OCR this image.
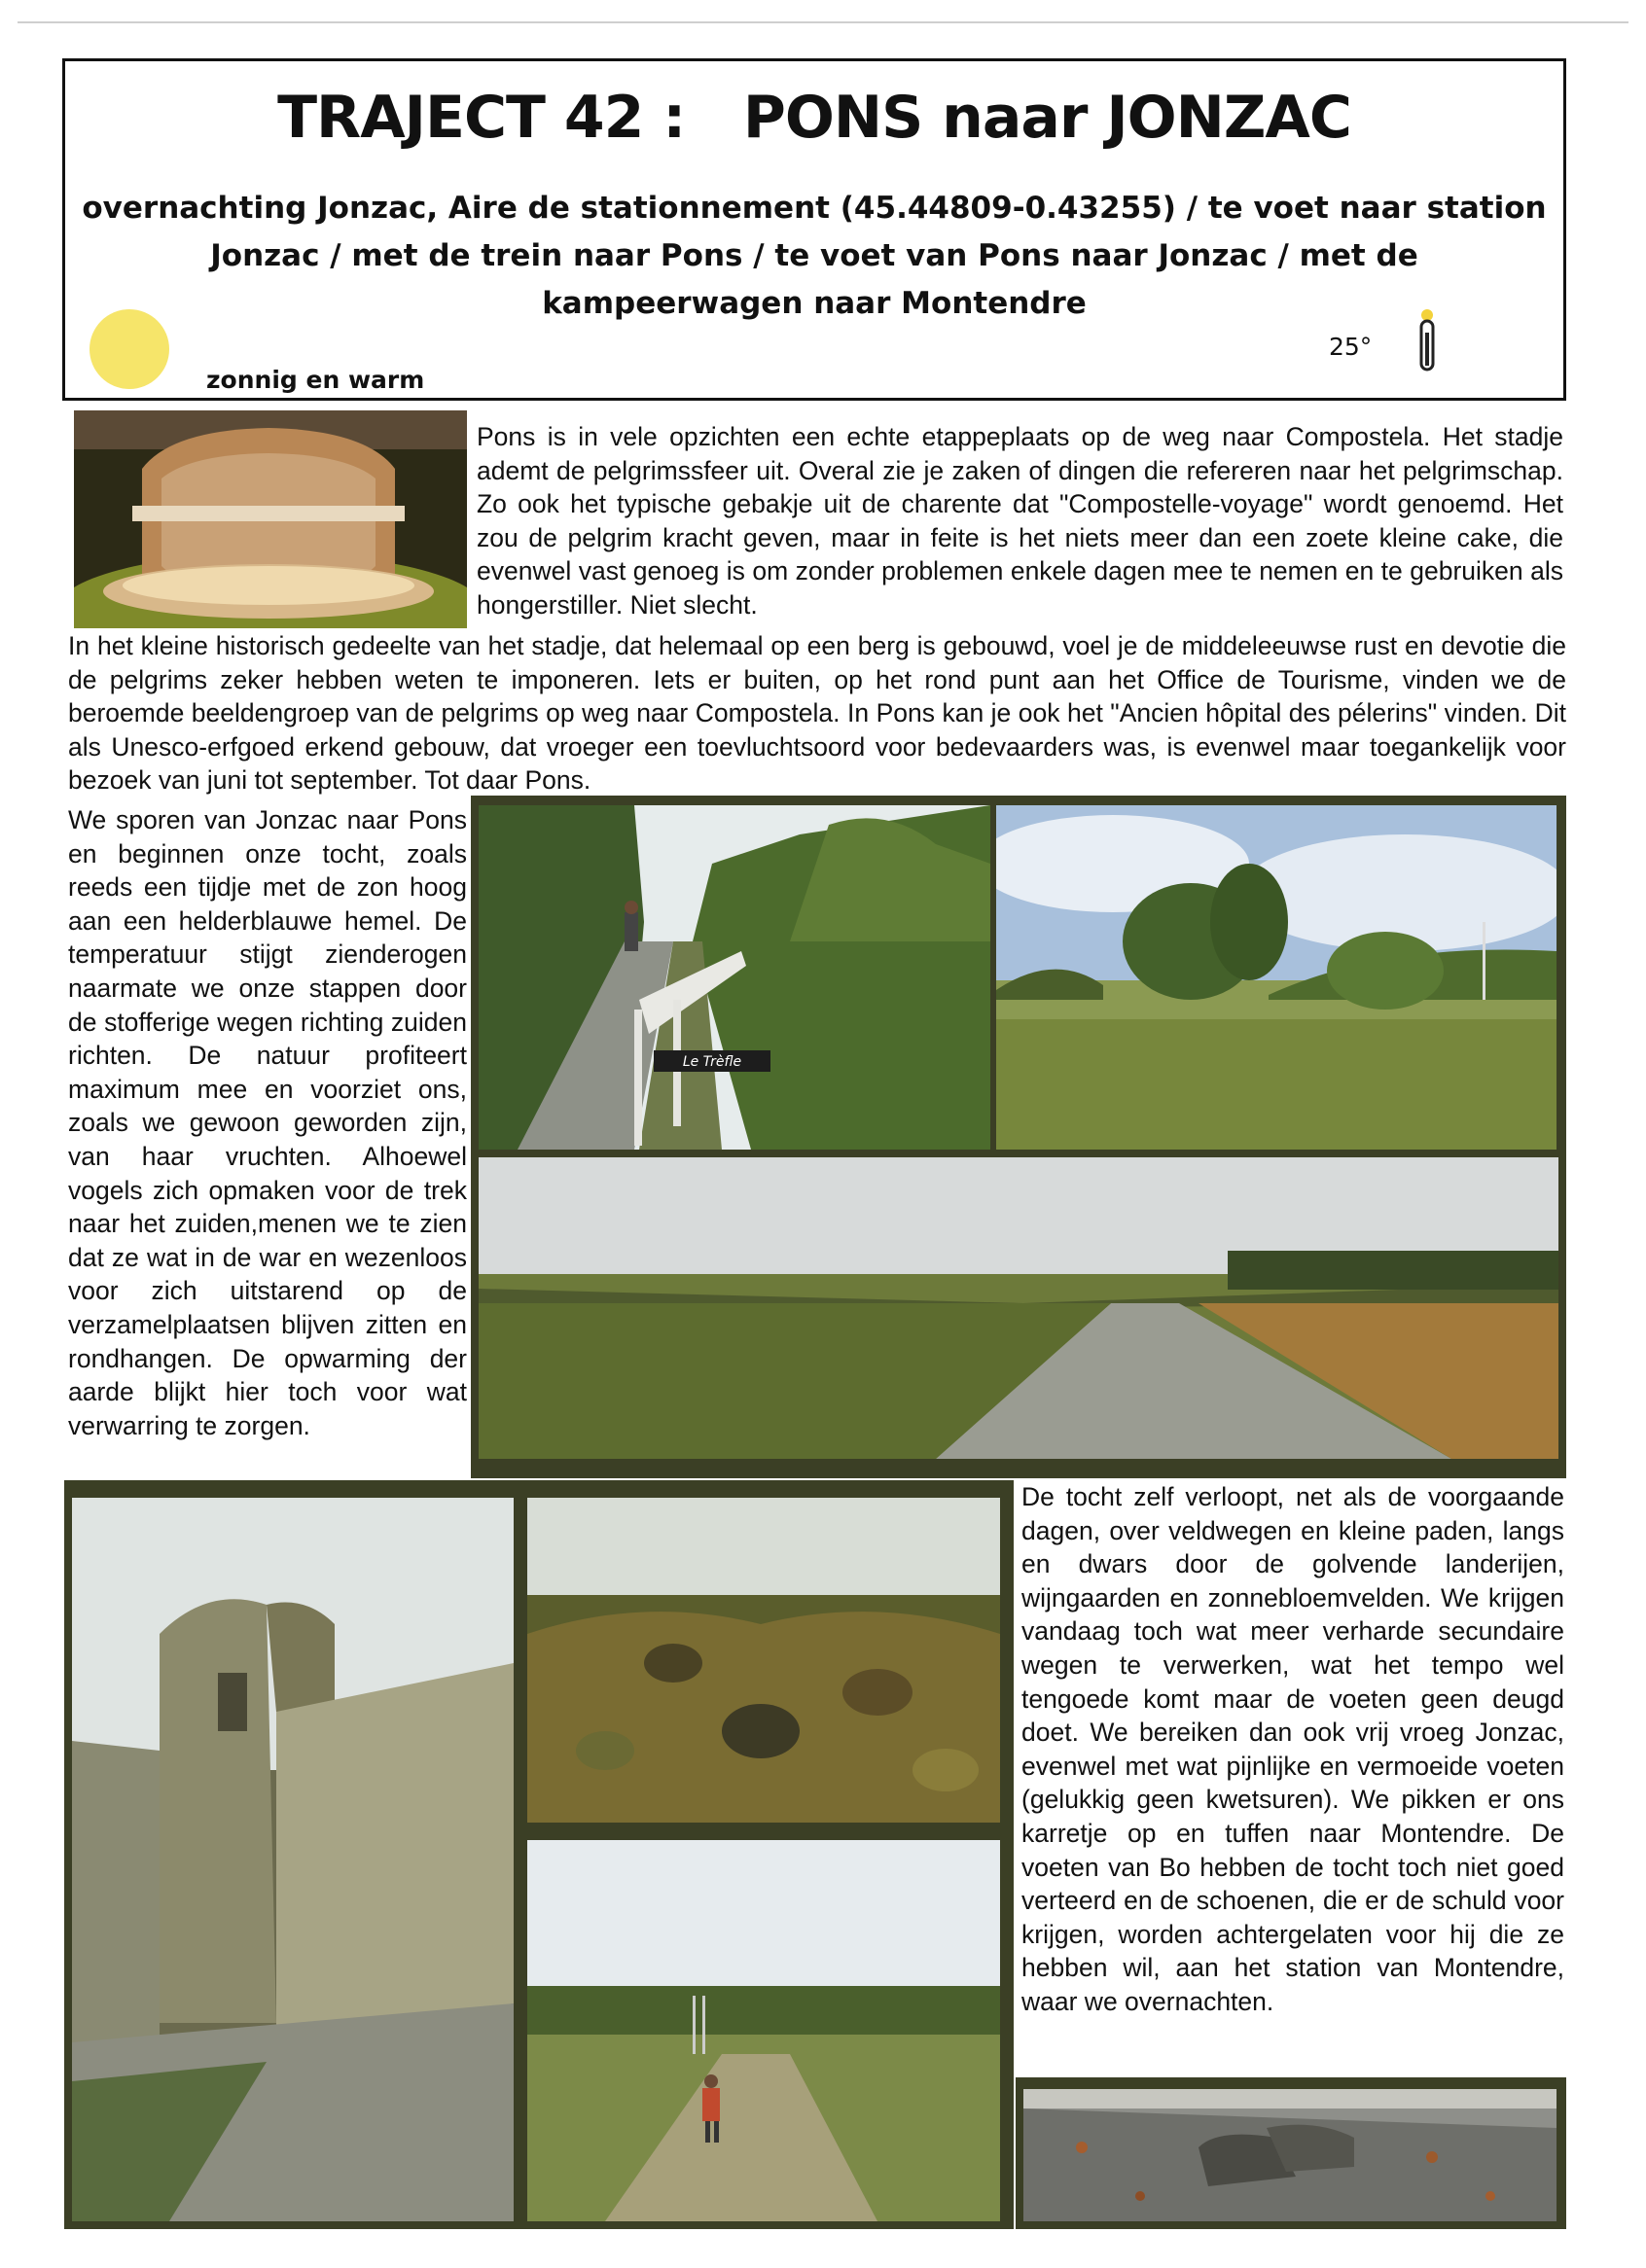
TRAJECT 42 :   PONS naar JONZAC
overnachting Jonzac, Aire de stationnement (45.44809-0.43255) / te voet naar station Jonzac / met de trein naar Pons / te voet van Pons naar Jonzac / met de kampeerwagen naar Montendre
zonnig en warm
25°
Pons is in vele opzichten een echte etappeplaats op de weg naar Compostela. Het stadje ademt de pelgrimssfeer uit. Overal zie je zaken of dingen die refereren naar het pelgrimschap. Zo ook het typische gebakje uit de charente dat "Compostelle-voyage" wordt genoemd. Het zou de pelgrim kracht geven, maar in feite is het niets meer dan een zoete kleine cake, die evenwel vast genoeg is om zonder problemen enkele dagen mee te nemen en te gebruiken als hongerstiller. Niet slecht.
In het kleine historisch gedeelte van het stadje, dat helemaal op een berg is gebouwd, voel je de middeleeuwse rust en devotie die de pelgrims zeker hebben weten te imponeren. Iets er buiten, op het rond punt aan het Office de Tourisme, vinden we de beroemde beeldengroep van de pelgrims op weg naar Compostela. In Pons kan je ook het "Ancien hôpital des pélerins" vinden. Dit als Unesco-erfgoed erkend gebouw, dat vroeger een toevluchtsoord voor bedevaarders was, is evenwel maar toegankelijk voor bezoek van juni tot september. Tot daar Pons.
Le Trèfle
We sporen van Jonzac naar Pons en beginnen onze tocht, zoals reeds een tijdje met de zon hoog aan een helderblauwe hemel. De temperatuur stijgt zienderogen naarmate we onze stappen door de stofferige wegen richting zuiden richten. De natuur profiteert maximum mee en voorziet ons, zoals we gewoon geworden zijn, van haar vruchten. Alhoewel vogels zich opmaken voor de trek naar het zuiden,menen we te zien dat ze wat in de war en wezenloos voor zich uitstarend op de verzamelplaatsen blijven zitten en rondhangen. De opwarming der aarde blijkt hier toch voor wat verwarring te zorgen.
De tocht zelf verloopt, net als de voorgaande dagen, over veldwegen en kleine paden, langs en dwars door de golvende landerijen, wijngaarden en zonnebloemvelden. We krijgen vandaag toch wat meer verharde secundaire wegen te verwerken, wat het tempo wel tengoede komt maar de voeten geen deugd doet. We bereiken dan ook vrij vroeg Jonzac, evenwel met wat pijnlijke en vermoeide voeten (gelukkig geen kwetsuren). We pikken er ons karretje op en tuffen naar Montendre. De voeten van Bo hebben de tocht toch niet goed verteerd en de schoenen, die er de schuld voor krijgen, worden achtergelaten voor hij die ze hebben wil, aan het station van Montendre, waar we overnachten.
